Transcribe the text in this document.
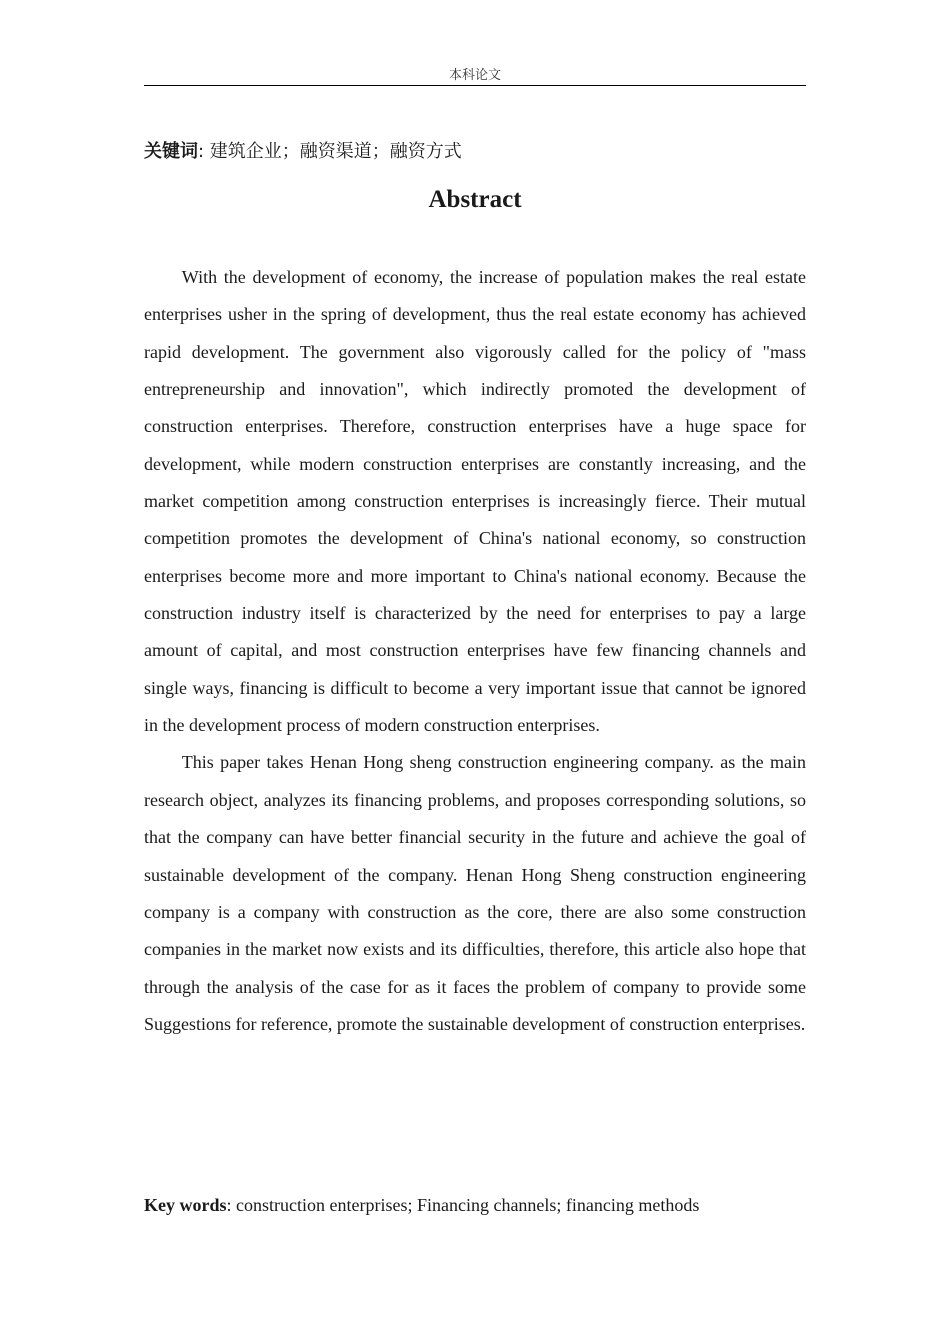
本科论文
关键词: 建筑企业；融资渠道；融资方式
Abstract

With the development of economy, the increase of population makes the real estate enterprises usher in the spring of development, thus the real estate economy has achieved rapid development. The government also vigorously called for the policy of "mass entrepreneurship and innovation", which indirectly promoted the development of construction enterprises. Therefore, construction enterprises have a huge space for development, while modern construction enterprises are constantly increasing, and the market competition among construction enterprises is increasingly fierce. Their mutual competition promotes the development of China's national economy, so construction enterprises become more and more important to China's national economy. Because the construction industry itself is characterized by the need for enterprises to pay a large amount of capital, and most construction enterprises have few financing channels and single ways, financing is difficult to become a very important issue that cannot be ignored in the development process of modern construction enterprises.

This paper takes Henan Hong sheng construction engineering company. as the main research object, analyzes its financing problems, and proposes corresponding solutions, so that the company can have better financial security in the future and achieve the goal of sustainable development of the company. Henan Hong Sheng construction engineering company is a company with construction as the core, there are also some construction companies in the market now exists and its difficulties, therefore, this article also hope that through the analysis of the case for as it faces the problem of company to provide some Suggestions for reference, promote the sustainable development of construction enterprises.

Key words: construction enterprises; Financing channels; financing methods
